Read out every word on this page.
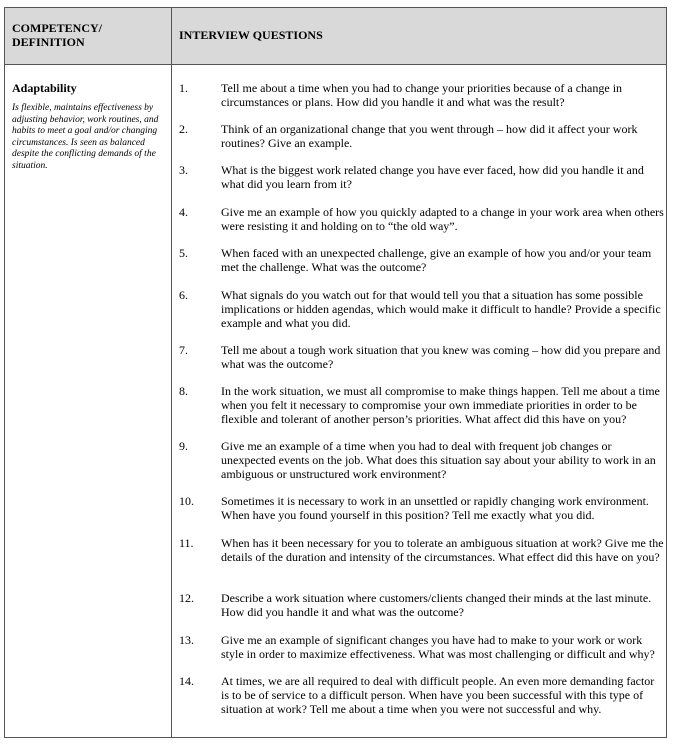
COMPETENCY/
DEFINITION	INTERVIEW QUESTIONS
Adaptability
Is flexible, maintains effectiveness by adjusting behavior, work routines, and habits to meet a goal and/or changing circumstances. Is seen as balanced despite the conflicting demands of the situation.
1.	Tell me about a time when you had to change your priorities because of a change in circumstances or plans. How did you handle it and what was the result?
2.	Think of an organizational change that you went through – how did it affect your work routines? Give an example.
3.	What is the biggest work related change you have ever faced, how did you handle it and what did you learn from it?
4.	Give me an example of how you quickly adapted to a change in your work area when others were resisting it and holding on to “the old way”.
5.	When faced with an unexpected challenge, give an example of how you and/or your team met the challenge. What was the outcome?
6.	What signals do you watch out for that would tell you that a situation has some possible implications or hidden agendas, which would make it difficult to handle? Provide a specific example and what you did.
7.	Tell me about a tough work situation that you knew was coming – how did you prepare and what was the outcome?
8.	In the work situation, we must all compromise to make things happen. Tell me about a time when you felt it necessary to compromise your own immediate priorities in order to be flexible and tolerant of another person’s priorities. What affect did this have on you?
9.	Give me an example of a time when you had to deal with frequent job changes or unexpected events on the job. What does this situation say about your ability to work in an ambiguous or unstructured work environment?
10. Sometimes it is necessary to work in an unsettled or rapidly changing work environment. When have you found yourself in this position? Tell me exactly what you did.
11. When has it been necessary for you to tolerate an ambiguous situation at work? Give me the details of the duration and intensity of the circumstances. What effect did this have on you?
12. Describe a work situation where customers/clients changed their minds at the last minute. How did you handle it and what was the outcome?
13. Give me an example of significant changes you have had to make to your work or work style in order to maximize effectiveness. What was most challenging or difficult and why?
14. At times, we are all required to deal with difficult people. An even more demanding factor is to be of service to a difficult person. When have you been successful with this type of situation at work? Tell me about a time when you were not successful and why.
